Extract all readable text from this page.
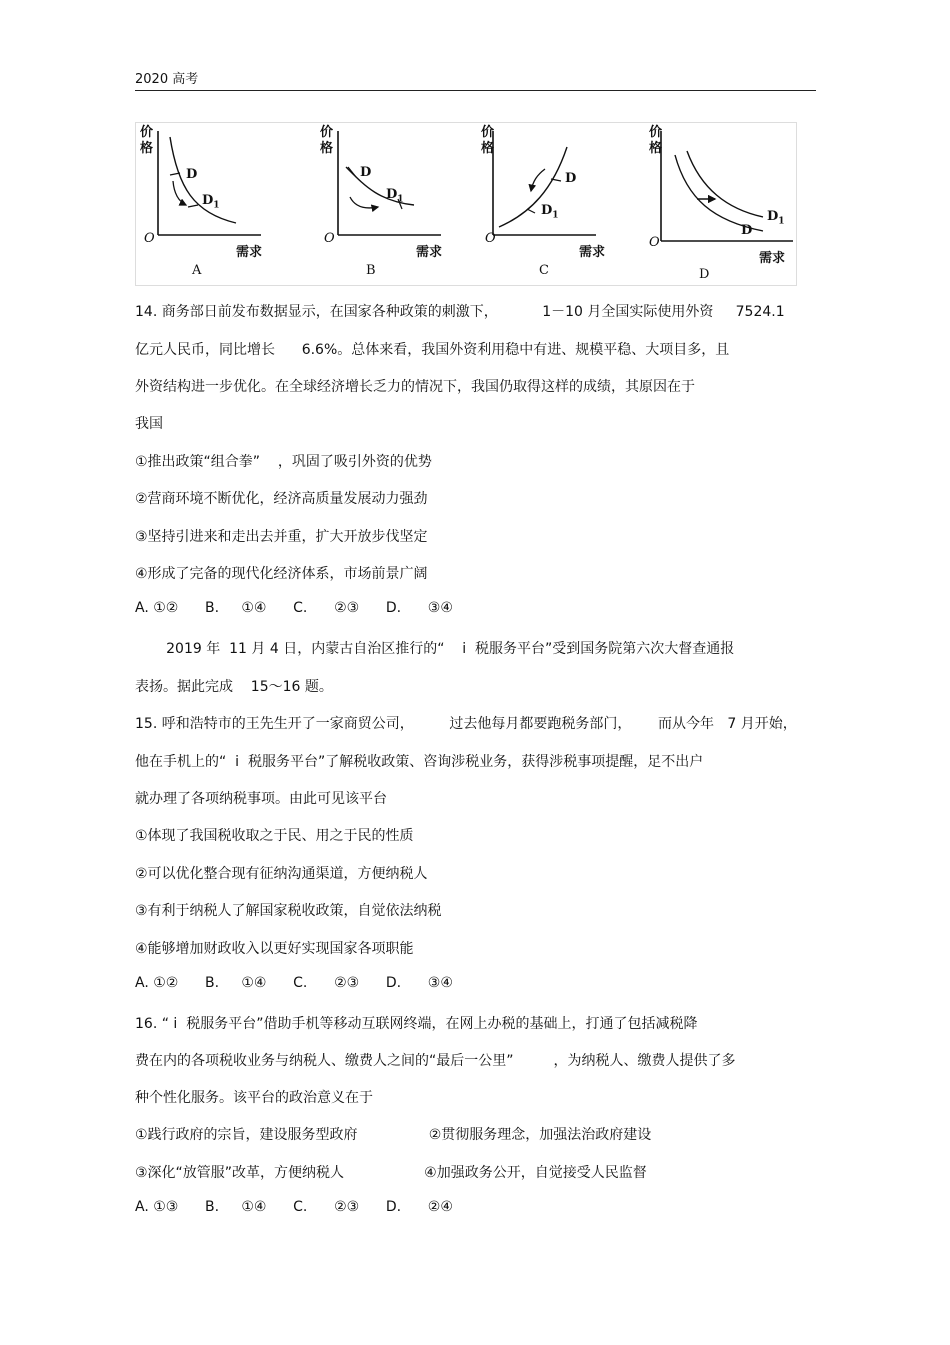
2020 高考
价格
D
$D_1$
O
需求
A
价格
D
$D_1$
O
需求
B
价格
D
$D_1$
O
需求
C
价格
$D_1$
D
O
需求
D
14. 商务部日前发布数据显示，在国家各种政策的刺激下，          1－10 月全国实际使用外资     7524.1
亿元人民币，同比增长      6.6%。总体来看，我国外资利用稳中有进、规模平稳、大项目多，且
外资结构进一步优化。在全球经济增长乏力的情况下，我国仍取得这样的成绩，其原因在于
我国
①推出政策“组合拳”    ，巩固了吸引外资的优势
②营商环境不断优化，经济高质量发展动力强劲
③坚持引进来和走出去并重，扩大开放步伐坚定
④形成了完备的现代化经济体系，市场前景广阔
A. ①②      B.     ①④      C.      ②③      D.      ③④
2019 年  11 月 4 日，内蒙古自治区推行的“    i  税服务平台”受到国务院第六次大督查通报
表扬。据此完成    15～16 题。
15. 呼和浩特市的王先生开了一家商贸公司，        过去他每月都要跑税务部门，      而从今年   7 月开始，
他在手机上的“  i  税服务平台”了解税收政策、咨询涉税业务，获得涉税事项提醒，足不出户
就办理了各项纳税事项。由此可见该平台
①体现了我国税收取之于民、用之于民的性质
②可以优化整合现有征纳沟通渠道，方便纳税人
③有利于纳税人了解国家税收政策，自觉依法纳税
④能够增加财政收入以更好实现国家各项职能
A. ①②      B.     ①④      C.      ②③      D.      ③④
16. “ i  税服务平台”借助手机等移动互联网终端，在网上办税的基础上，打通了包括减税降
费在内的各项税收业务与纳税人、缴费人之间的“最后一公里”         ，为纳税人、缴费人提供了多
种个性化服务。该平台的政治意义在于
①践行政府的宗旨，建设服务型政府                ②贯彻服务理念，加强法治政府建设
③深化“放管服”改革，方便纳税人                  ④加强政务公开，自觉接受人民监督
A. ①③      B.     ①④      C.      ②③      D.      ②④
